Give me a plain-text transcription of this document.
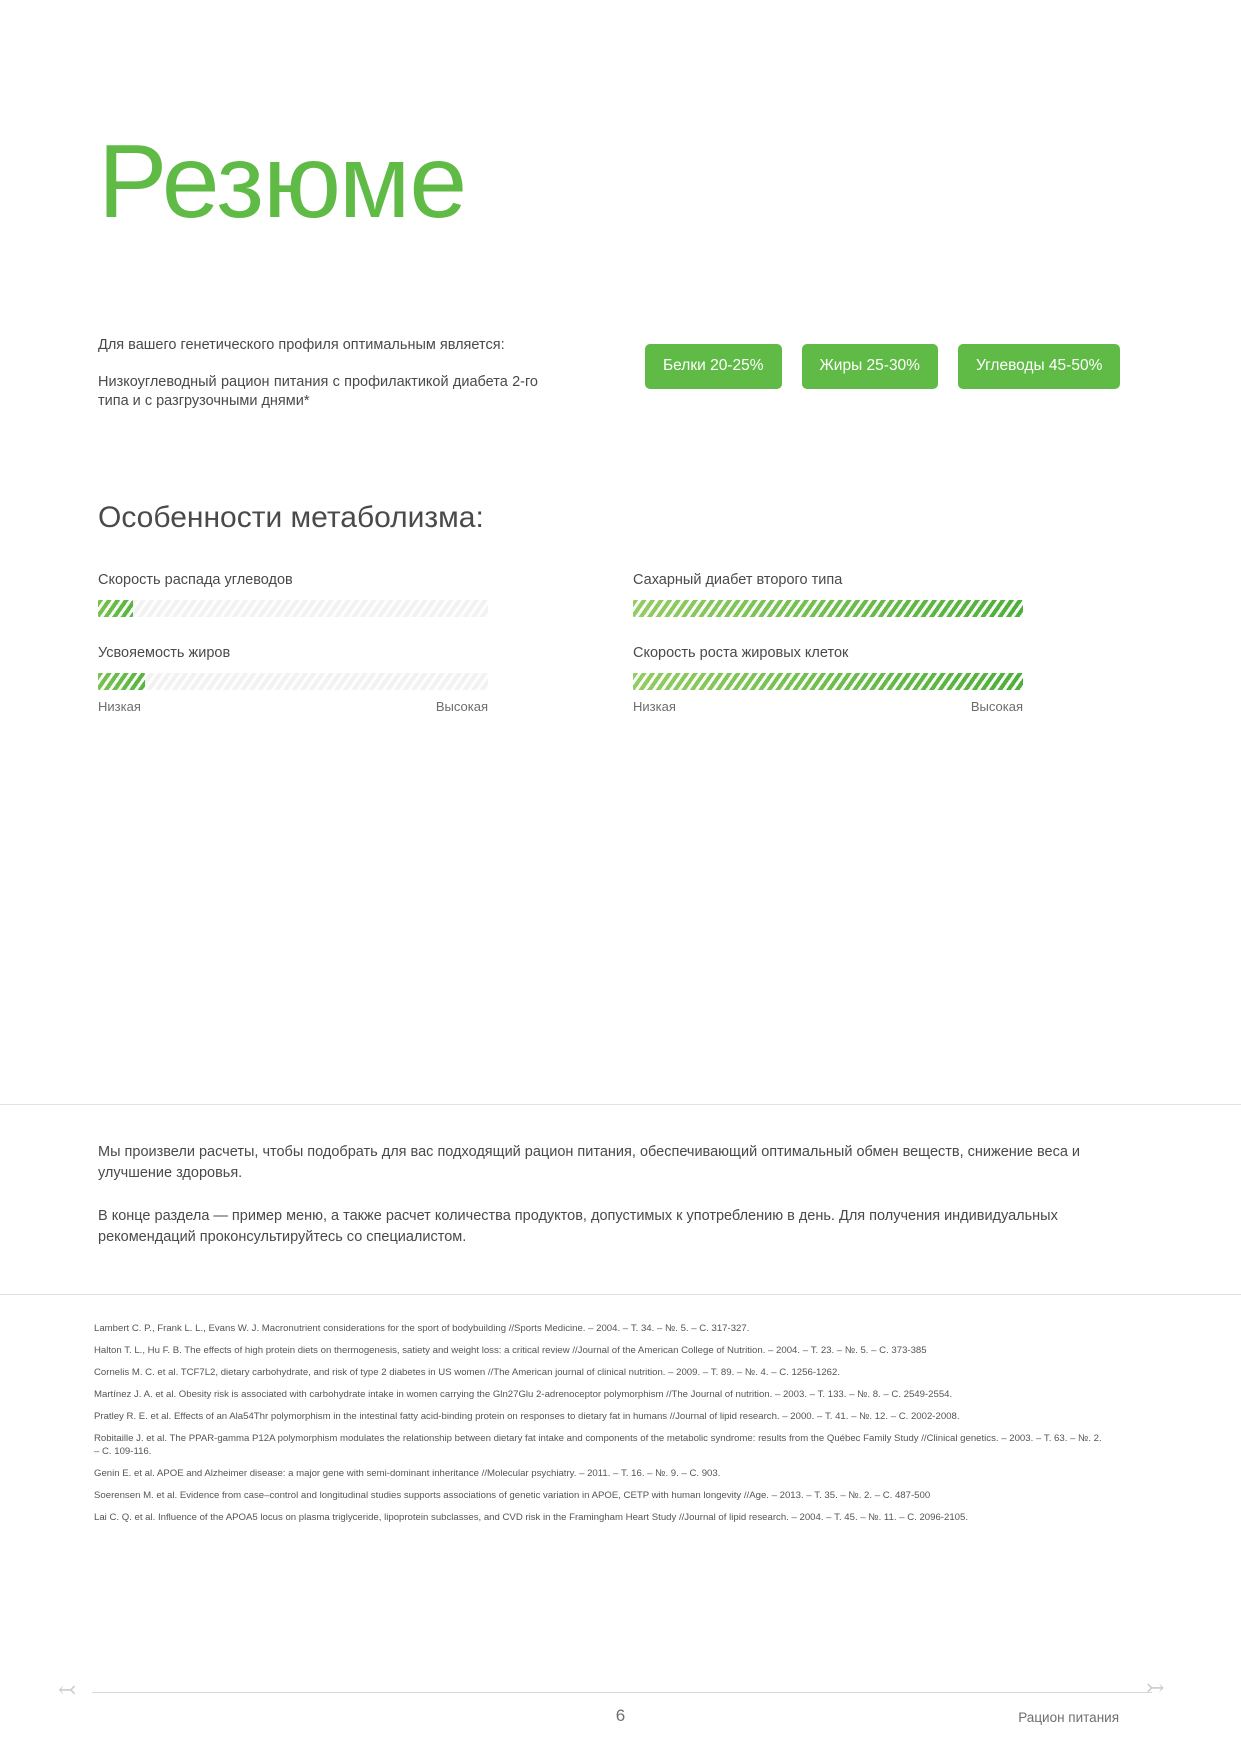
Резюме
Для вашего генетического профиля оптимальным является:
Низкоуглеводный рацион питания с профилактикой диабета 2-го типа и с разгрузочными днями*
Белки 20-25%	Жиры 25-30%	Углеводы 45-50%
Особенности метаболизма:
Скорость распада углеводов	Сахарный диабет второго типа
Усвояемость жиров
Низкая	Высокая
Скорость роста жировых клеток
Низкая	Высокая

Мы произвели расчеты, чтобы подобрать для вас подходящий рацион питания, обеспечивающий оптимальный обмен веществ, снижение веса и улучшение здоровья.

В конце раздела — пример меню, а также расчет количества продуктов, допустимых к употреблению в день. Для получения индивидуальных рекомендаций проконсультируйтесь со специалистом.

Lambert C. P., Frank L. L., Evans W. J. Macronutrient considerations for the sport of bodybuilding //Sports Medicine. – 2004. – Т. 34. – №. 5. – С. 317-327.
Halton T. L., Hu F. B. The effects of high protein diets on thermogenesis, satiety and weight loss: a critical review //Journal of the American College of Nutrition. – 2004. – Т. 23. – №. 5. – С. 373-385
Cornelis M. C. et al. TCF7L2, dietary carbohydrate, and risk of type 2 diabetes in US women //The American journal of clinical nutrition. – 2009. – Т. 89. – №. 4. – С. 1256-1262.
Martínez J. A. et al. Obesity risk is associated with carbohydrate intake in women carrying the Gln27Glu 2-adrenoceptor polymorphism //The Journal of nutrition. – 2003. – Т. 133. – №. 8. – С. 2549-2554.
Pratley R. E. et al. Effects of an Ala54Thr polymorphism in the intestinal fatty acid-binding protein on responses to dietary fat in humans //Journal of lipid research. – 2000. – Т. 41. – №. 12. – С. 2002-2008.
Robitaille J. et al. The PPAR-gamma P12A polymorphism modulates the relationship between dietary fat intake and components of the metabolic syndrome: results from the Québec Family Study //Clinical genetics. – 2003. – Т. 63. – №. 2. – С. 109-116.
Genin E. et al. APOE and Alzheimer disease: a major gene with semi-dominant inheritance //Molecular psychiatry. – 2011. – Т. 16. – №. 9. – С. 903.
Soerensen M. et al. Evidence from case–control and longitudinal studies supports associations of genetic variation in APOE, CETP with human longevity //Age. – 2013. – Т. 35. – №. 2. – С. 487-500
Lai C. Q. et al. Influence of the APOA5 locus on plasma triglyceride, lipoprotein subclasses, and CVD risk in the Framingham Heart Study //Journal of lipid research. – 2004. – Т. 45. – №. 11. – С. 2096-2105.
↢	↣
6	Рацион питания
